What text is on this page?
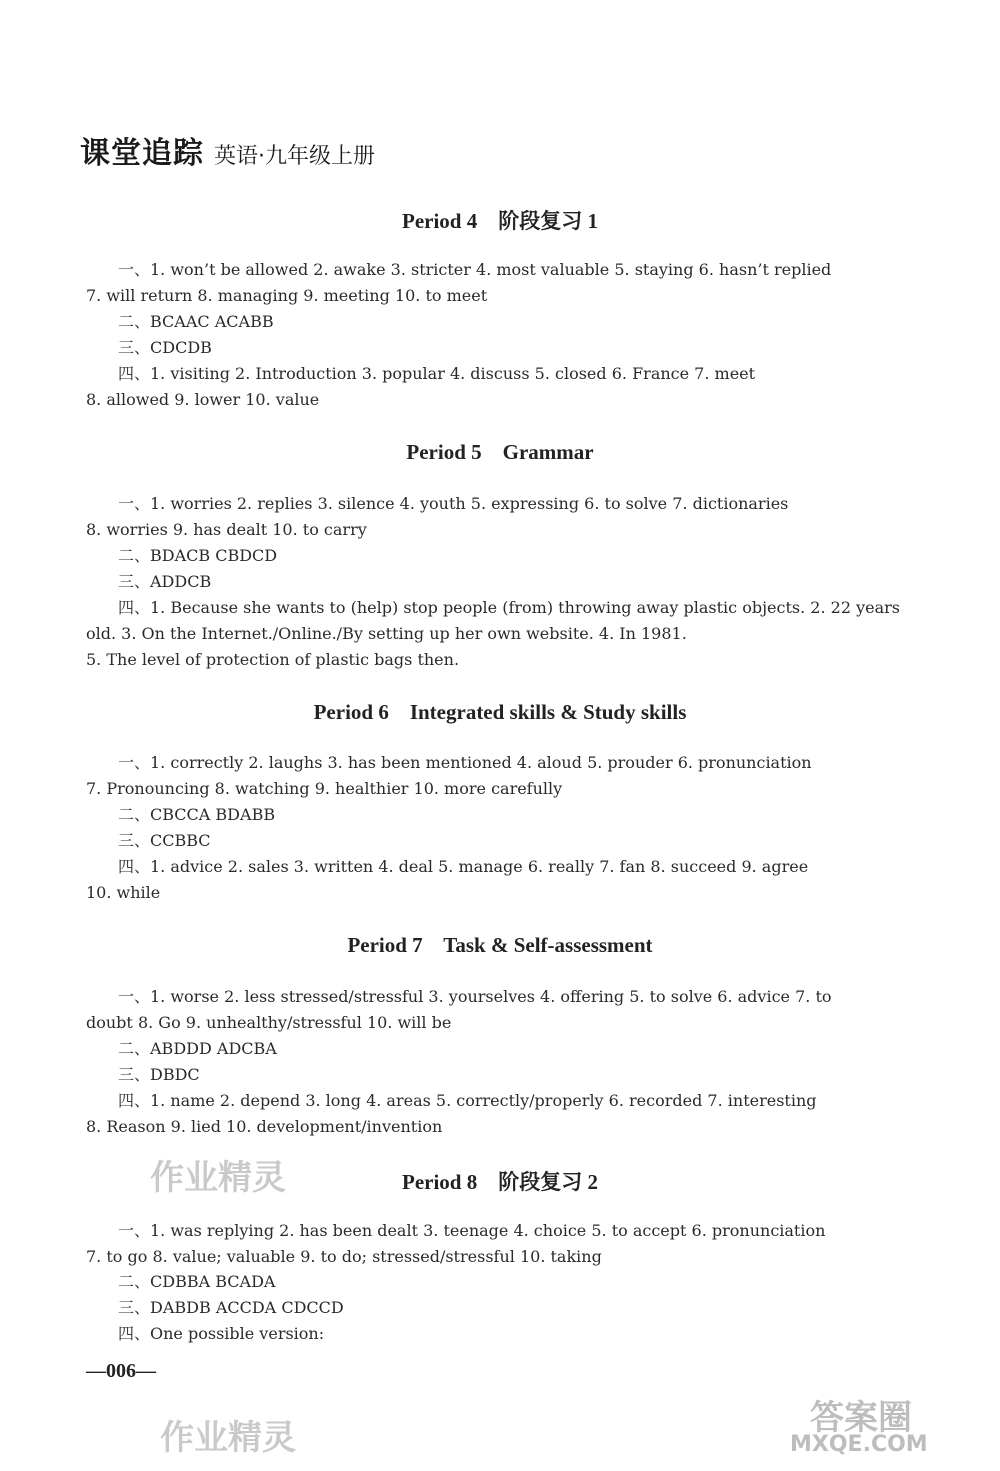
课堂追踪 英语·九年级上册
Period 4    阶段复习 1
一、1. won’t be allowed 2. awake 3. stricter 4. most valuable 5. staying 6. hasn’t replied
7. will return 8. managing 9. meeting 10. to meet
二、BCAAC ACABB
三、CDCDB
四、1. visiting 2. Introduction 3. popular 4. discuss 5. closed 6. France 7. meet
8. allowed 9. lower 10. value
Period 5    Grammar
一、1. worries 2. replies 3. silence 4. youth 5. expressing 6. to solve 7. dictionaries
8. worries 9. has dealt 10. to carry
二、BDACB CBDCD
三、ADDCB
四、1. Because she wants to (help) stop people (from) throwing away plastic objects. 2. 22 years
old. 3. On the Internet./Online./By setting up her own website. 4. In 1981.
5. The level of protection of plastic bags then.
Period 6    Integrated skills & Study skills
一、1. correctly 2. laughs 3. has been mentioned 4. aloud 5. prouder 6. pronunciation
7. Pronouncing 8. watching 9. healthier 10. more carefully
二、CBCCA BDABB
三、CCBBC
四、1. advice 2. sales 3. written 4. deal 5. manage 6. really 7. fan 8. succeed 9. agree
10. while
Period 7    Task & Self-assessment
一、1. worse 2. less stressed/stressful 3. yourselves 4. offering 5. to solve 6. advice 7. to
doubt 8. Go 9. unhealthy/stressful 10. will be
二、ABDDD ADCBA
三、DBDC
四、1. name 2. depend 3. long 4. areas 5. correctly/properly 6. recorded 7. interesting
8. Reason 9. lied 10. development/invention
Period 8    阶段复习 2
一、1. was replying 2. has been dealt 3. teenage 4. choice 5. to accept 6. pronunciation
7. to go 8. value; valuable 9. to do; stressed/stressful 10. taking
二、CDBBA BCADA
三、DABDB ACCDA CDCCD
四、One possible version:
—006—
作业精灵
作业精灵	答案圈
MXQE.COM
